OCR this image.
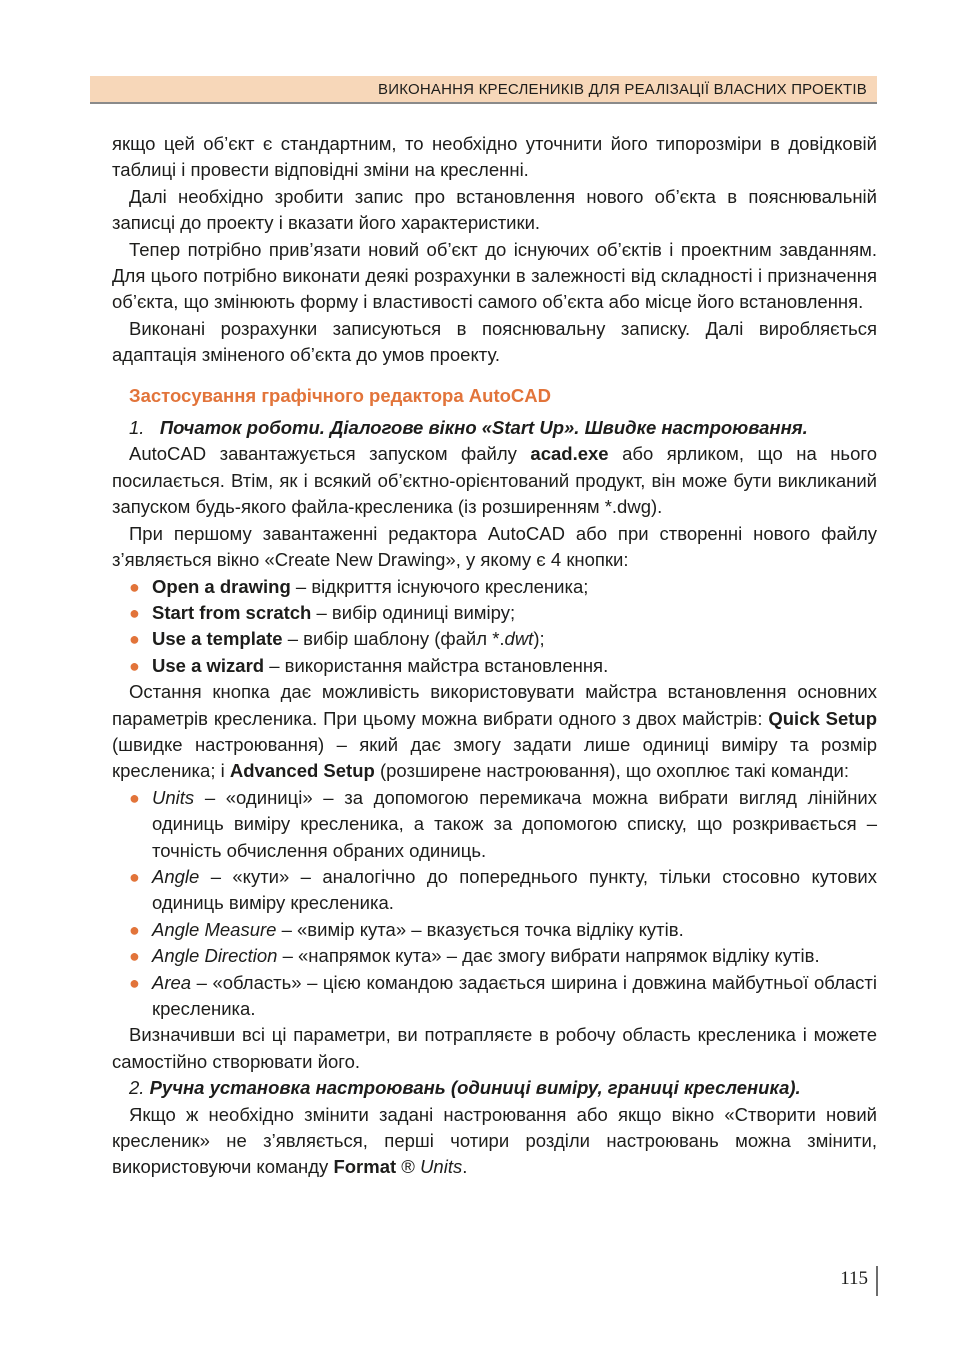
ВИКОНАННЯ КРЕСЛЕНИКІВ ДЛЯ РЕАЛІЗАЦІЇ ВЛАСНИХ ПРОЕКТІВ

якщо цей об’єкт є стандартним, то необхідно уточнити його типорозміри в довідковій таблиці і провести відповідні зміни на кресленні.

Далі необхідно зробити запис про встановлення нового об’єкта в пояснювальній записці до проекту і вказати його характеристики.

Тепер потрібно прив’язати новий об’єкт до існуючих об’єктів і проектним завданням. Для цього потрібно виконати деякі розрахунки в залежності від складності і призначення об’єкта, що змінюють форму і властивості самого об’єкта або місце його встановлення.

Виконані розрахунки записуються в пояснювальну записку. Далі виробляється адаптація зміненого об’єкта до умов проекту.

Застосування графічного редактора AutoCAD

1. Початок роботи. Діалогове вікно «Start Up». Швидке настроювання.

AutoCAD завантажується запуском файлу acad.exe або ярликом, що на нього посилається. Втім, як і всякий об’єктно-орієнтований продукт, він може бути викликаний запуском будь-якого файла-кресленика (із розширенням *.dwg).

При першому завантаженні редактора AutoCAD або при створенні нового файлу з’являється вікно «Create New Drawing», у якому є 4 кнопки:

● Open a drawing – відкриття існуючого кресленика;
● Start from scratch – вибір одиниці виміру;
● Use a template – вибір шаблону (файл *.dwt);
● Use a wizard – використання майстра встановлення.

Остання кнопка дає можливість використовувати майстра встановлення основних параметрів кресленика. При цьому можна вибрати одного з двох майстрів: Quick Setup (швидке настроювання) – який дає змогу задати лише одиниці виміру та розмір кресленика; і Advanced Setup (розширене настроювання), що охоплює такі команди:

● Units – «одиниці» – за допомогою перемикача можна вибрати вигляд лінійних одиниць виміру кресленика, а також за допомогою списку, що розкривається – точність обчислення обраних одиниць.
● Angle – «кути» – аналогічно до попереднього пункту, тільки стосовно кутових одиниць виміру кресленика.
● Angle Measure – «вимір кута» – вказується точка відліку кутів.
● Angle Direction – «напрямок кута» – дає змогу вибрати напрямок відліку кутів.
● Area – «область» – цією командою задається ширина і довжина майбутньої області кресленика.

Визначивши всі ці параметри, ви потрапляєте в робочу область кресленика і можете самостійно створювати його.

2. Ручна установка настроювань (одиниці виміру, границі кресленика).

Якщо ж необхідно змінити задані настроювання або якщо вікно «Створити новий кресленик» не з’являється, перші чотири розділи настроювань можна змінити, використовуючи команду Format ® Units.

115
